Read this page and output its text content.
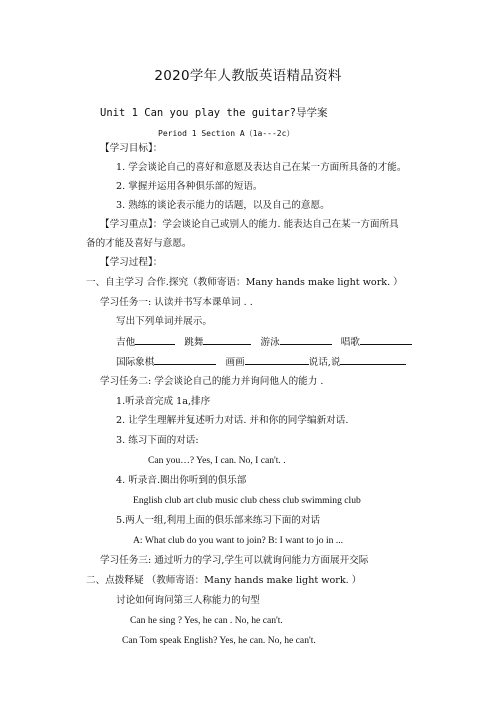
2020学年人教版英语精品资料
Unit 1 Can you play the guitar?导学案
Period 1 Section A（1a---2c）
【学习目标】：
1. 学会谈论自己的喜好和意愿及表达自己在某一方面所具备的才能。
2. 掌握并运用各种俱乐部的短语。
3. 熟练的谈论表示能力的话题，以及自己的意愿。
【学习重点】：学会谈论自己或别人的能力. 能表达自己在某一方面所具
备的才能及喜好与意愿。
【学习过程】：
一、自主学习 合作.探究（教师寄语：Many hands make light work. ）
学习任务一: 认读并书写本课单词 . .
写出下列单词并展示。
吉他	跳舞	游泳	唱歌
国际象棋	画画	说话,说
学习任务二: 学会谈论自己的能力并询问他人的能力 .
1.听录音完成 1a,排序
2. 让学生理解并复述听力对话. 并和你的同学编新对话.
3. 练习下面的对话:
Can you…? Yes, I can. No, I can't. .
4. 听录音.圈出你听到的俱乐部
English club art club music club chess club swimming club
5.两人一组,利用上面的俱乐部来练习下面的对话
A: What club do you want to join? B: I want to jo in ...
学习任务三: 通过听力的学习,学生可以就询问能力方面展开交际
二、点拨释疑 （教师寄语：Many hands make light work. ）
讨论如何询问第三人称能力的句型
Can he sing ? Yes, he can . No, he can't.
Can Tom speak English? Yes, he can. No, he can't.
